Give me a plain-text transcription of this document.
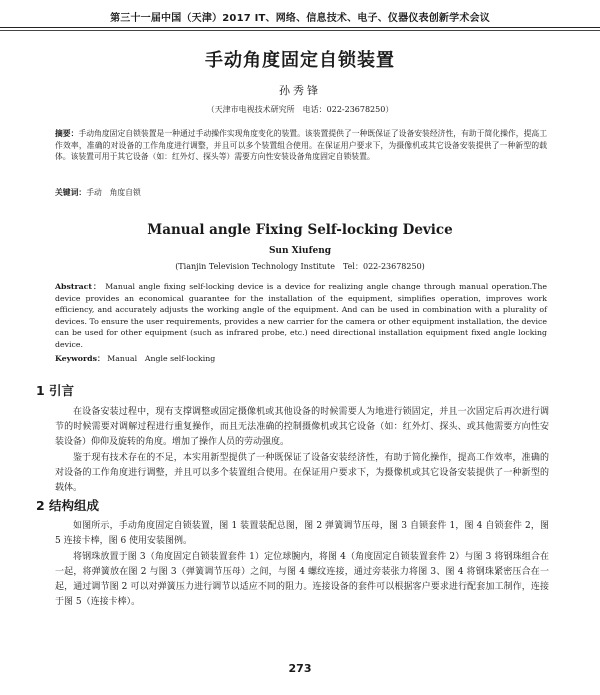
第三十一届中国（天津）2017 IT、网络、信息技术、电子、仪器仪表创新学术会议
手动角度固定自锁装置
孙秀锋
（天津市电视技术研究所　电话：022-23678250）

摘要：手动角度固定自锁装置是一种通过手动操作实现角度变化的装置。该装置提供了一种既保证了设备安装经济性，有助于简化操作，提高工作效率，准确的对设备的工作角度进行调整，并且可以多个装置组合使用。在保证用户要求下，为摄像机或其它设备安装提供了一种新型的载体。该装置可用于其它设备（如：红外灯、探头等）需要方向性安装设备角度固定自锁装置。

关键词：手动　角度自锁
Manual angle Fixing Self-locking Device
Sun Xiufeng
(Tianjin Television Technology Institute　Tel：022-23678250)

Abstract： Manual angle fixing self-locking device is a device for realizing angle change through manual operation.The device provides an economical guarantee for the installation of the equipment, simplifies operation, improves work efficiency, and accurately adjusts the working angle of the equipment. And can be used in combination with a plurality of devices. To ensure the user requirements, provides a new carrier for the camera or other equipment installation, the device can be used for other equipment (such as infrared probe, etc.) need directional installation equipment fixed angle locking device.

Keywords： Manual　Angle self-locking
1 引言

在设备安装过程中，现有支撑调整或固定摄像机或其他设备的时候需要人为地进行锁固定，并且一次固定后再次进行调节的时候需要对调解过程进行重复操作，而且无法准确的控制摄像机或其它设备（如：红外灯、探头、或其他需要方向性安装设备）仰仰及旋转的角度。增加了操作人员的劳动强度。

鉴于现有技术存在的不足，本实用新型提供了一种既保证了设备安装经济性，有助于简化操作，提高工作效率，准确的对设备的工作角度进行调整，并且可以多个装置组合使用。在保证用户要求下，为摄像机或其它设备安装提供了一种新型的载体。

2 结构组成

如图所示，手动角度固定自锁装置，图 1 装置装配总图，图 2 弹簧调节压母，图 3 自锁套件 1，图 4 自锁套件 2，图 5 连接卡棒，图 6 使用安装图例。

将钢珠放置于图 3（角度固定自锁装置套件 1）定位球腕内，将图 4（角度固定自锁装置套件 2）与图 3 将钢珠组合在一起，将弹簧放在图 2 与图 3（弹簧调节压母）之间，与图 4 螺纹连接，通过旁装张力将图 3、图 4 将钢珠紧密压合在一起，通过调节图 2 可以对弹簧压力进行调节以适应不同的阻力。连接设备的套件可以根据客户要求进行配套加工制作，连接于图 5（连接卡棒）。

273
